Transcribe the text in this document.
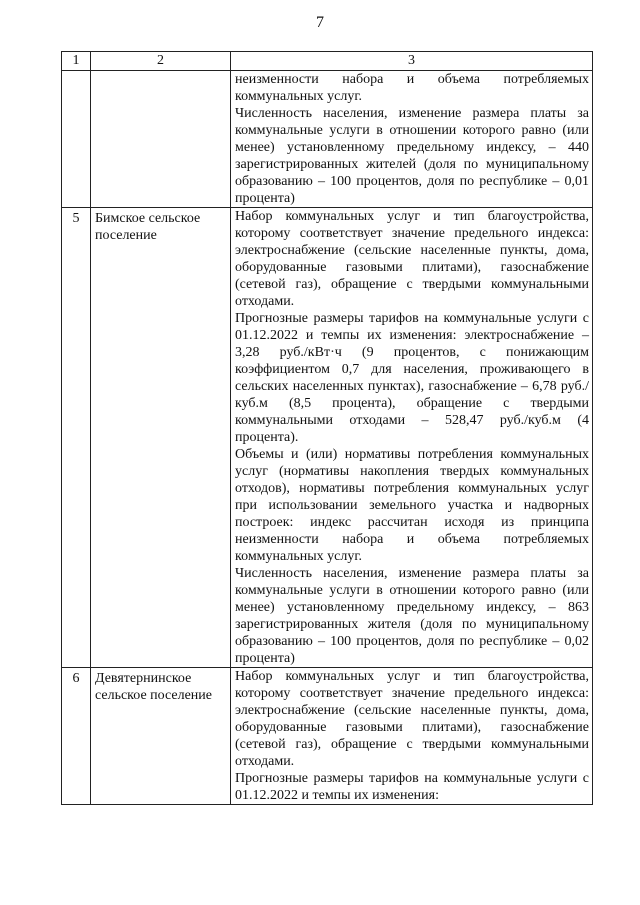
7
1	2	3

		неизменности набора и объема потребляемых коммунальных услуг.

Численность населения, изменение размера платы за коммунальные услуги в отношении которого равно (или менее) установленному предельному индексу, – 440 зарегистрированных жителей (доля по муниципальному образованию – 100 процентов, доля по республике – 0,01 процента)

5	Бимское сельское поселение	Набор коммунальных услуг и тип благоустройства, которому соответствует значение предельного индекса: электроснабжение (сельские населенные пункты, дома, оборудованные газовыми плитами), газоснабжение (сетевой газ), обращение с твердыми коммунальными отходами.

Прогнозные размеры тарифов на коммунальные услуги с 01.12.2022 и темпы их изменения: электроснабжение – 3,28 руб./кВт·ч (9 процентов, с понижающим коэффициентом 0,7 для населения, проживающего в сельских населенных пунктах), газоснабжение – 6,78 руб./куб.м (8,5 процента), обращение с твердыми коммунальными отходами – 528,47 руб./куб.м (4 процента).

Объемы и (или) нормативы потребления коммунальных услуг (нормативы накопления твердых коммунальных отходов), нормативы потребления коммунальных услуг при использовании земельного участка и надворных построек: индекс рассчитан исходя из принципа неизменности набора и объема потребляемых коммунальных услуг.

Численность населения, изменение размера платы за коммунальные услуги в отношении которого равно (или менее) установленному предельному индексу, – 863 зарегистрированных жителя (доля по муниципальному образованию – 100 процентов, доля по республике – 0,02 процента)

6	Девятернинское сельское поселение	Набор коммунальных услуг и тип благоустройства, которому соответствует значение предельного индекса: электроснабжение (сельские населенные пункты, дома, оборудованные газовыми плитами), газоснабжение (сетевой газ), обращение с твердыми коммунальными отходами.

Прогнозные размеры тарифов на коммунальные услуги с 01.12.2022 и темпы их изменения:
